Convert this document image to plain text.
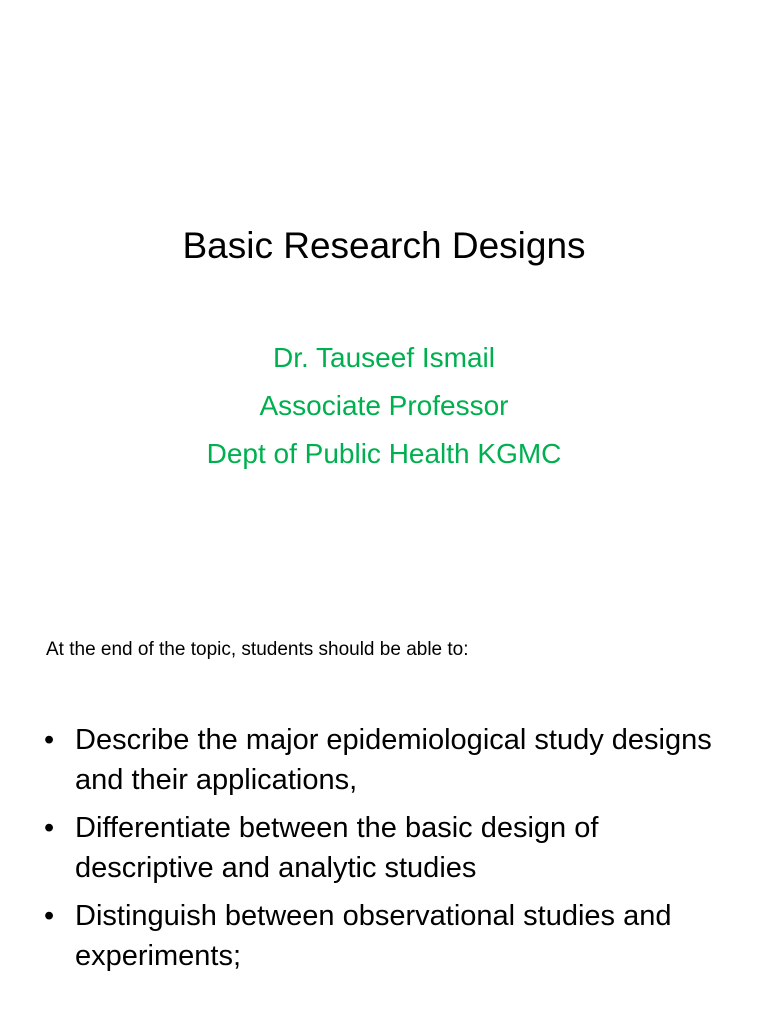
Basic Research Designs
Dr. Tauseef Ismail
Associate Professor
Dept of Public Health KGMC
At the end of the topic, students should be able to:
• Describe the major epidemiological study designs and their applications,
• Differentiate between the basic design of descriptive and analytic studies
• Distinguish between observational studies and experiments;
